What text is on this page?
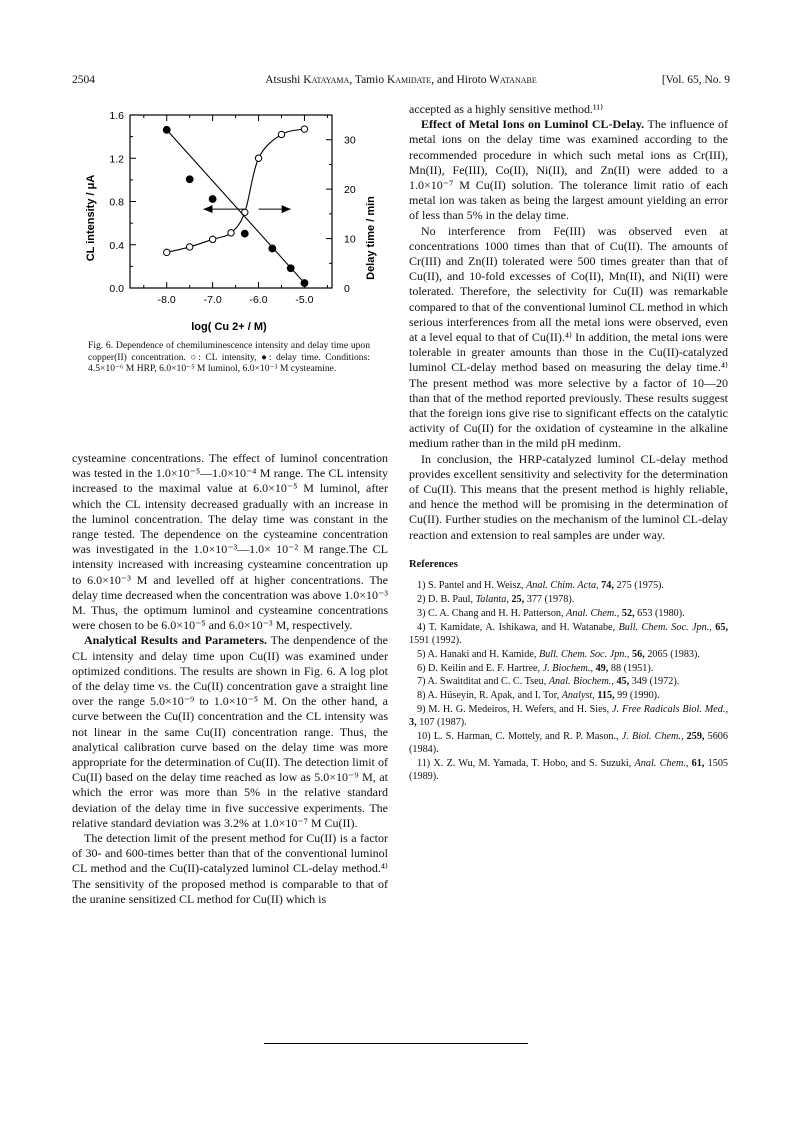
2504	Atsushi Katayama, Tamio Kamidate, and Hiroto Watanabe	[Vol. 65, No. 9
-8.0	-7.0	-6.0	-5.0
0.0
0.4
0.8
1.2
1.6
0
10
20
30
log( Cu 2+ / M)
CL intensity / μA	Delay time / min
Fig. 6. Dependence of chemiluminescence intensity and delay time upon copper(II) concentration. ○: CL intensity, ●: delay time. Conditions: 4.5×10⁻⁶ M HRP, 6.0×10⁻⁵ M luminol, 6.0×10⁻³ M cysteamine.

cysteamine concentrations. The effect of luminol concentration was tested in the 1.0×10⁻⁵—1.0×10⁻⁴ M range. The CL intensity increased to the maximal value at 6.0×10⁻⁵ M luminol, after which the CL intensity decreased gradually with an increase in the luminol concentration. The delay time was constant in the range tested. The dependence on the cysteamine concentration was investigated in the 1.0×10⁻³—1.0× 10⁻² M range.The CL intensity increased with increasing cysteamine concentration up to 6.0×10⁻³ M and levelled off at higher concentrations. The delay time decreased when the concentration was above 1.0×10⁻³ M. Thus, the optimum luminol and cysteamine concentrations were chosen to be 6.0×10⁻⁵ and 6.0×10⁻³ M, respectively.

Analytical Results and Parameters. The denpendence of the CL intensity and delay time upon Cu(II) was examined under optimized conditions. The results are shown in Fig. 6. A log plot of the delay time vs. the Cu(II) concentration gave a straight line over the range 5.0×10⁻⁹ to 1.0×10⁻⁵ M. On the other hand, a curve between the Cu(II) concentration and the CL intensity was not linear in the same Cu(II) concentration range. Thus, the analytical calibration curve based on the delay time was more appropriate for the determination of Cu(II). The detection limit of Cu(II) based on the delay time reached as low as 5.0×10⁻⁹ M, at which the error was more than 5% in the relative standard deviation of the delay time in five successive experiments. The relative standard deviation was 3.2% at 1.0×10⁻⁷ M Cu(II).

The detection limit of the present method for Cu(II) is a factor of 30- and 600-times better than that of the conventional luminol CL method and the Cu(II)-catalyzed luminol CL-delay method.⁴⁾ The sensitivity of the proposed method is comparable to that of the uranine sensitized CL method for Cu(II) which is

accepted as a highly sensitive method.¹¹⁾

Effect of Metal Ions on Luminol CL-Delay. The influence of metal ions on the delay time was examined according to the recommended procedure in which such metal ions as Cr(III), Mn(II), Fe(III), Co(II), Ni(II), and Zn(II) were added to a 1.0×10⁻⁷ M Cu(II) solution. The tolerance limit ratio of each metal ion was taken as being the largest amount yielding an error of less than 5% in the delay time.

No interference from Fe(III) was observed even at concentrations 1000 times than that of Cu(II). The amounts of Cr(III) and Zn(II) tolerated were 500 times greater than that of Cu(II), and 10-fold excesses of Co(II), Mn(II), and Ni(II) were tolerated. Therefore, the selectivity for Cu(II) was remarkable compared to that of the conventional luminol CL method in which serious interferences from all the metal ions were observed, even at a level equal to that of Cu(II).⁴⁾ In addition, the metal ions were tolerable in greater amounts than those in the Cu(II)-catalyzed luminol CL-delay method based on measuring the delay time.⁴⁾ The present method was more selective by a factor of 10—20 than that of the method reported previously. These results suggest that the foreign ions give rise to significant effects on the catalytic activity of Cu(II) for the oxidation of cysteamine in the alkaline medium rather than in the mild pH medinm.

In conclusion, the HRP-catalyzed luminol CL-delay method provides excellent sensitivity and selectivity for the determination of Cu(II). This means that the present method is highly reliable, and hence the method will be promising in the determination of Cu(II). Further studies on the mechanism of the luminol CL-delay reaction and extension to real samples are under way.

References
1) S. Pantel and H. Weisz, Anal. Chim. Acta, 74, 275 (1975).
2) D. B. Paul, Talanta, 25, 377 (1978).
3) C. A. Chang and H. H. Patterson, Anal. Chem., 52, 653 (1980).
4) T. Kamidate, A. Ishikawa, and H. Watanabe, Bull. Chem. Soc. Jpn., 65, 1591 (1992).
5) A. Hanaki and H. Kamide, Bull. Chem. Soc. Jpn., 56, 2065 (1983).
6) D. Keilin and E. F. Hartree, J. Biochem., 49, 88 (1951).
7) A. Swaitditat and C. C. Tseu, Anal. Biochem., 45, 349 (1972).
8) A. Hüseyin, R. Apak, and I. Tor, Analyst, 115, 99 (1990).
9) M. H. G. Medeiros, H. Wefers, and H. Sies, J. Free Radicals Biol. Med., 3, 107 (1987).
10) L. S. Harman, C. Mottely, and R. P. Mason., J. Biol. Chem., 259, 5606 (1984).
11) X. Z. Wu, M. Yamada, T. Hobo, and S. Suzuki, Anal. Chem., 61, 1505 (1989).
